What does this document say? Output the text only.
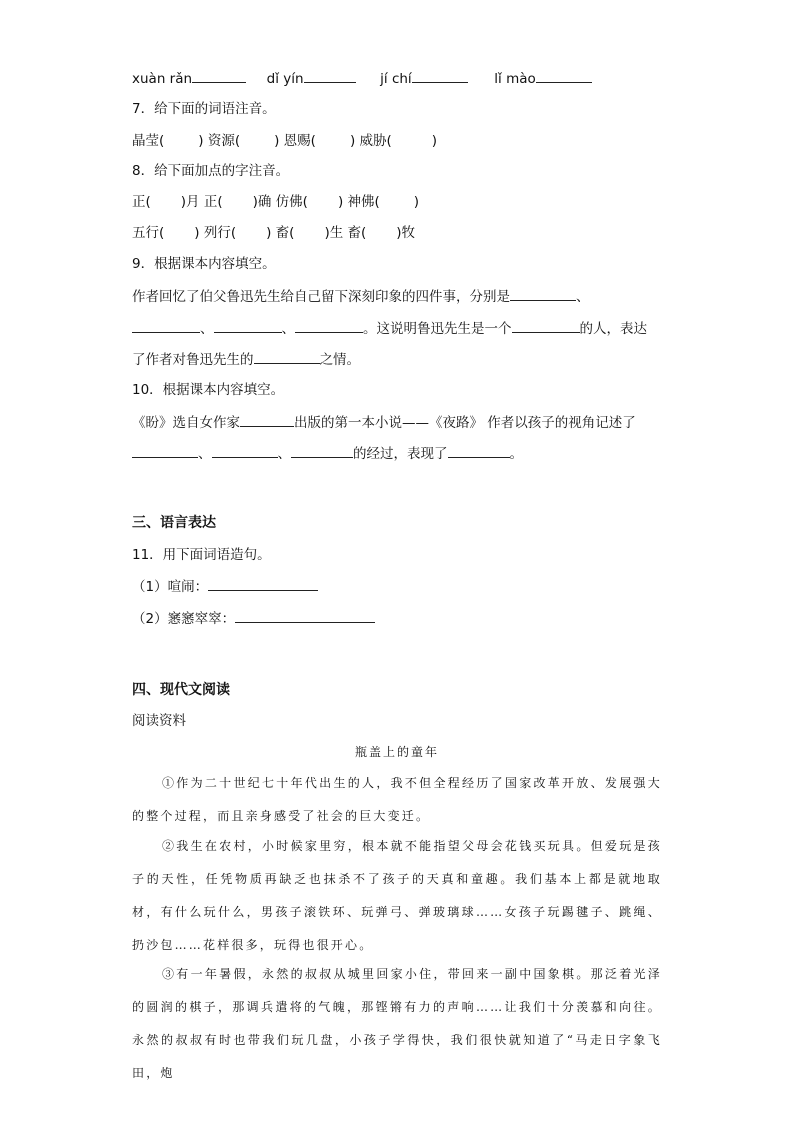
xuàn rǎn	dǐ yín	jí chí	lǐ mào
7．给下面的词语注音。
晶莹(	) 资源(	) 恩赐(	) 威胁(	)
8．给下面加点的字注音。
正( )月 正( )确 仿佛( ) 神佛(	)
五行( ) 列行( ) 畜( )生 畜( )牧
9．根据课本内容填空。
作者回忆了伯父鲁迅先生给自己留下深刻印象的四件事，分别是	、
、	、	。这说明鲁迅先生是一个	的人，表达
了作者对鲁迅先生的	之情。
10．根据课本内容填空。
《盼》选自女作家	出版的第一本小说——《夜路》 作者以孩子的视角记述了
、	、	的经过，表现了	。
三、语言表达
11．用下面词语造句。
（1）喧闹：
（2）窸窸窣窣：
四、现代文阅读
阅读资料
瓶盖上的童年
①作为二十世纪七十年代出生的人，我不但全程经历了国家改革开放、发展强大的整个过程，而且亲身感受了社会的巨大变迁。
②我生在农村，小时候家里穷，根本就不能指望父母会花钱买玩具。但爱玩是孩子的天性，任凭物质再缺乏也抹杀不了孩子的天真和童趣。我们基本上都是就地取材，有什么玩什么，男孩子滚铁环、玩弹弓、弹玻璃球……女孩子玩踢毽子、跳绳、扔沙包……花样很多，玩得也很开心。
③有一年暑假，永然的叔叔从城里回家小住，带回来一副中国象棋。那泛着光泽的圆润的棋子，那调兵遣将的气魄，那铿锵有力的声响……让我们十分羡慕和向往。永然的叔叔有时也带我们玩几盘，小孩子学得快，我们很快就知道了“马走日字象飞田，炮
